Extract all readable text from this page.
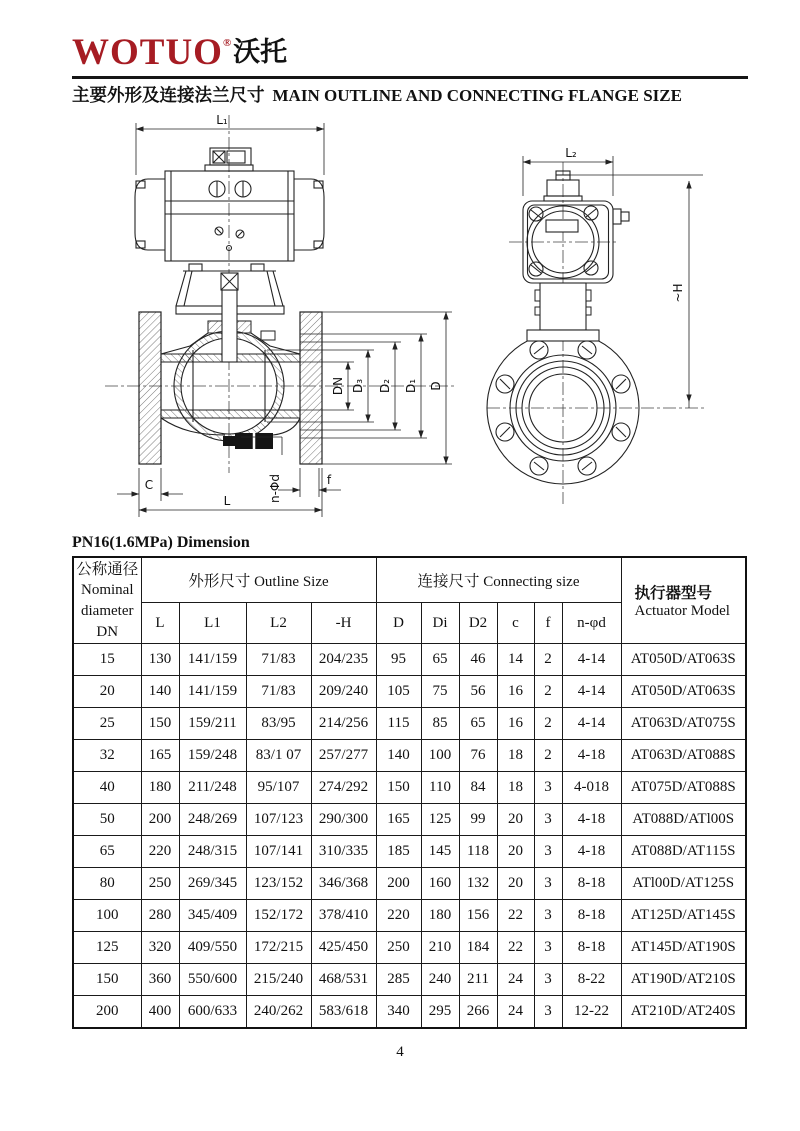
WOTUO®沃托
主要外形及连接法兰尺寸 MAIN OUTLINE AND CONNECTING FLANGE SIZE
L₁
DN D₃ D₂ D₁ D
C	f
n-Φd
L
L₂
~H
PN16(1.6MPa) Dimension
公称通径
Nominal
diameter
DN
	外形尺寸 Outline Size	连接尺寸 Connecting size	
执行器型号
Actuator Model

	L	L1	L2	-H	D	Di	D2	c	f	n-φd	
15	130	141/159	71/83	204/235	95	65	46	14	2	4-14	AT050D/AT063S
20	140	141/159	71/83	209/240	105	75	56	16	2	4-14	AT050D/AT063S
25	150	159/211	83/95	214/256	115	85	65	16	2	4-14	AT063D/AT075S
32	165	159/248	83/1 07	257/277	140	100	76	18	2	4-18	AT063D/AT088S
40	180	211/248	95/107	274/292	150	110	84	18	3	4-018	AT075D/AT088S
50	200	248/269	107/123	290/300	165	125	99	20	3	4-18	AT088D/ATl00S
65	220	248/315	107/141	310/335	185	145	118	20	3	4-18	AT088D/AT115S
80	250	269/345	123/152	346/368	200	160	132	20	3	8-18	ATl00D/AT125S
100	280	345/409	152/172	378/410	220	180	156	22	3	8-18	AT125D/AT145S
125	320	409/550	172/215	425/450	250	210	184	22	3	8-18	AT145D/AT190S
150	360	550/600	215/240	468/531	285	240	211	24	3	8-22	AT190D/AT210S
200	400	600/633	240/262	583/618	340	295	266	24	3	12-22	AT210D/AT240S
4
